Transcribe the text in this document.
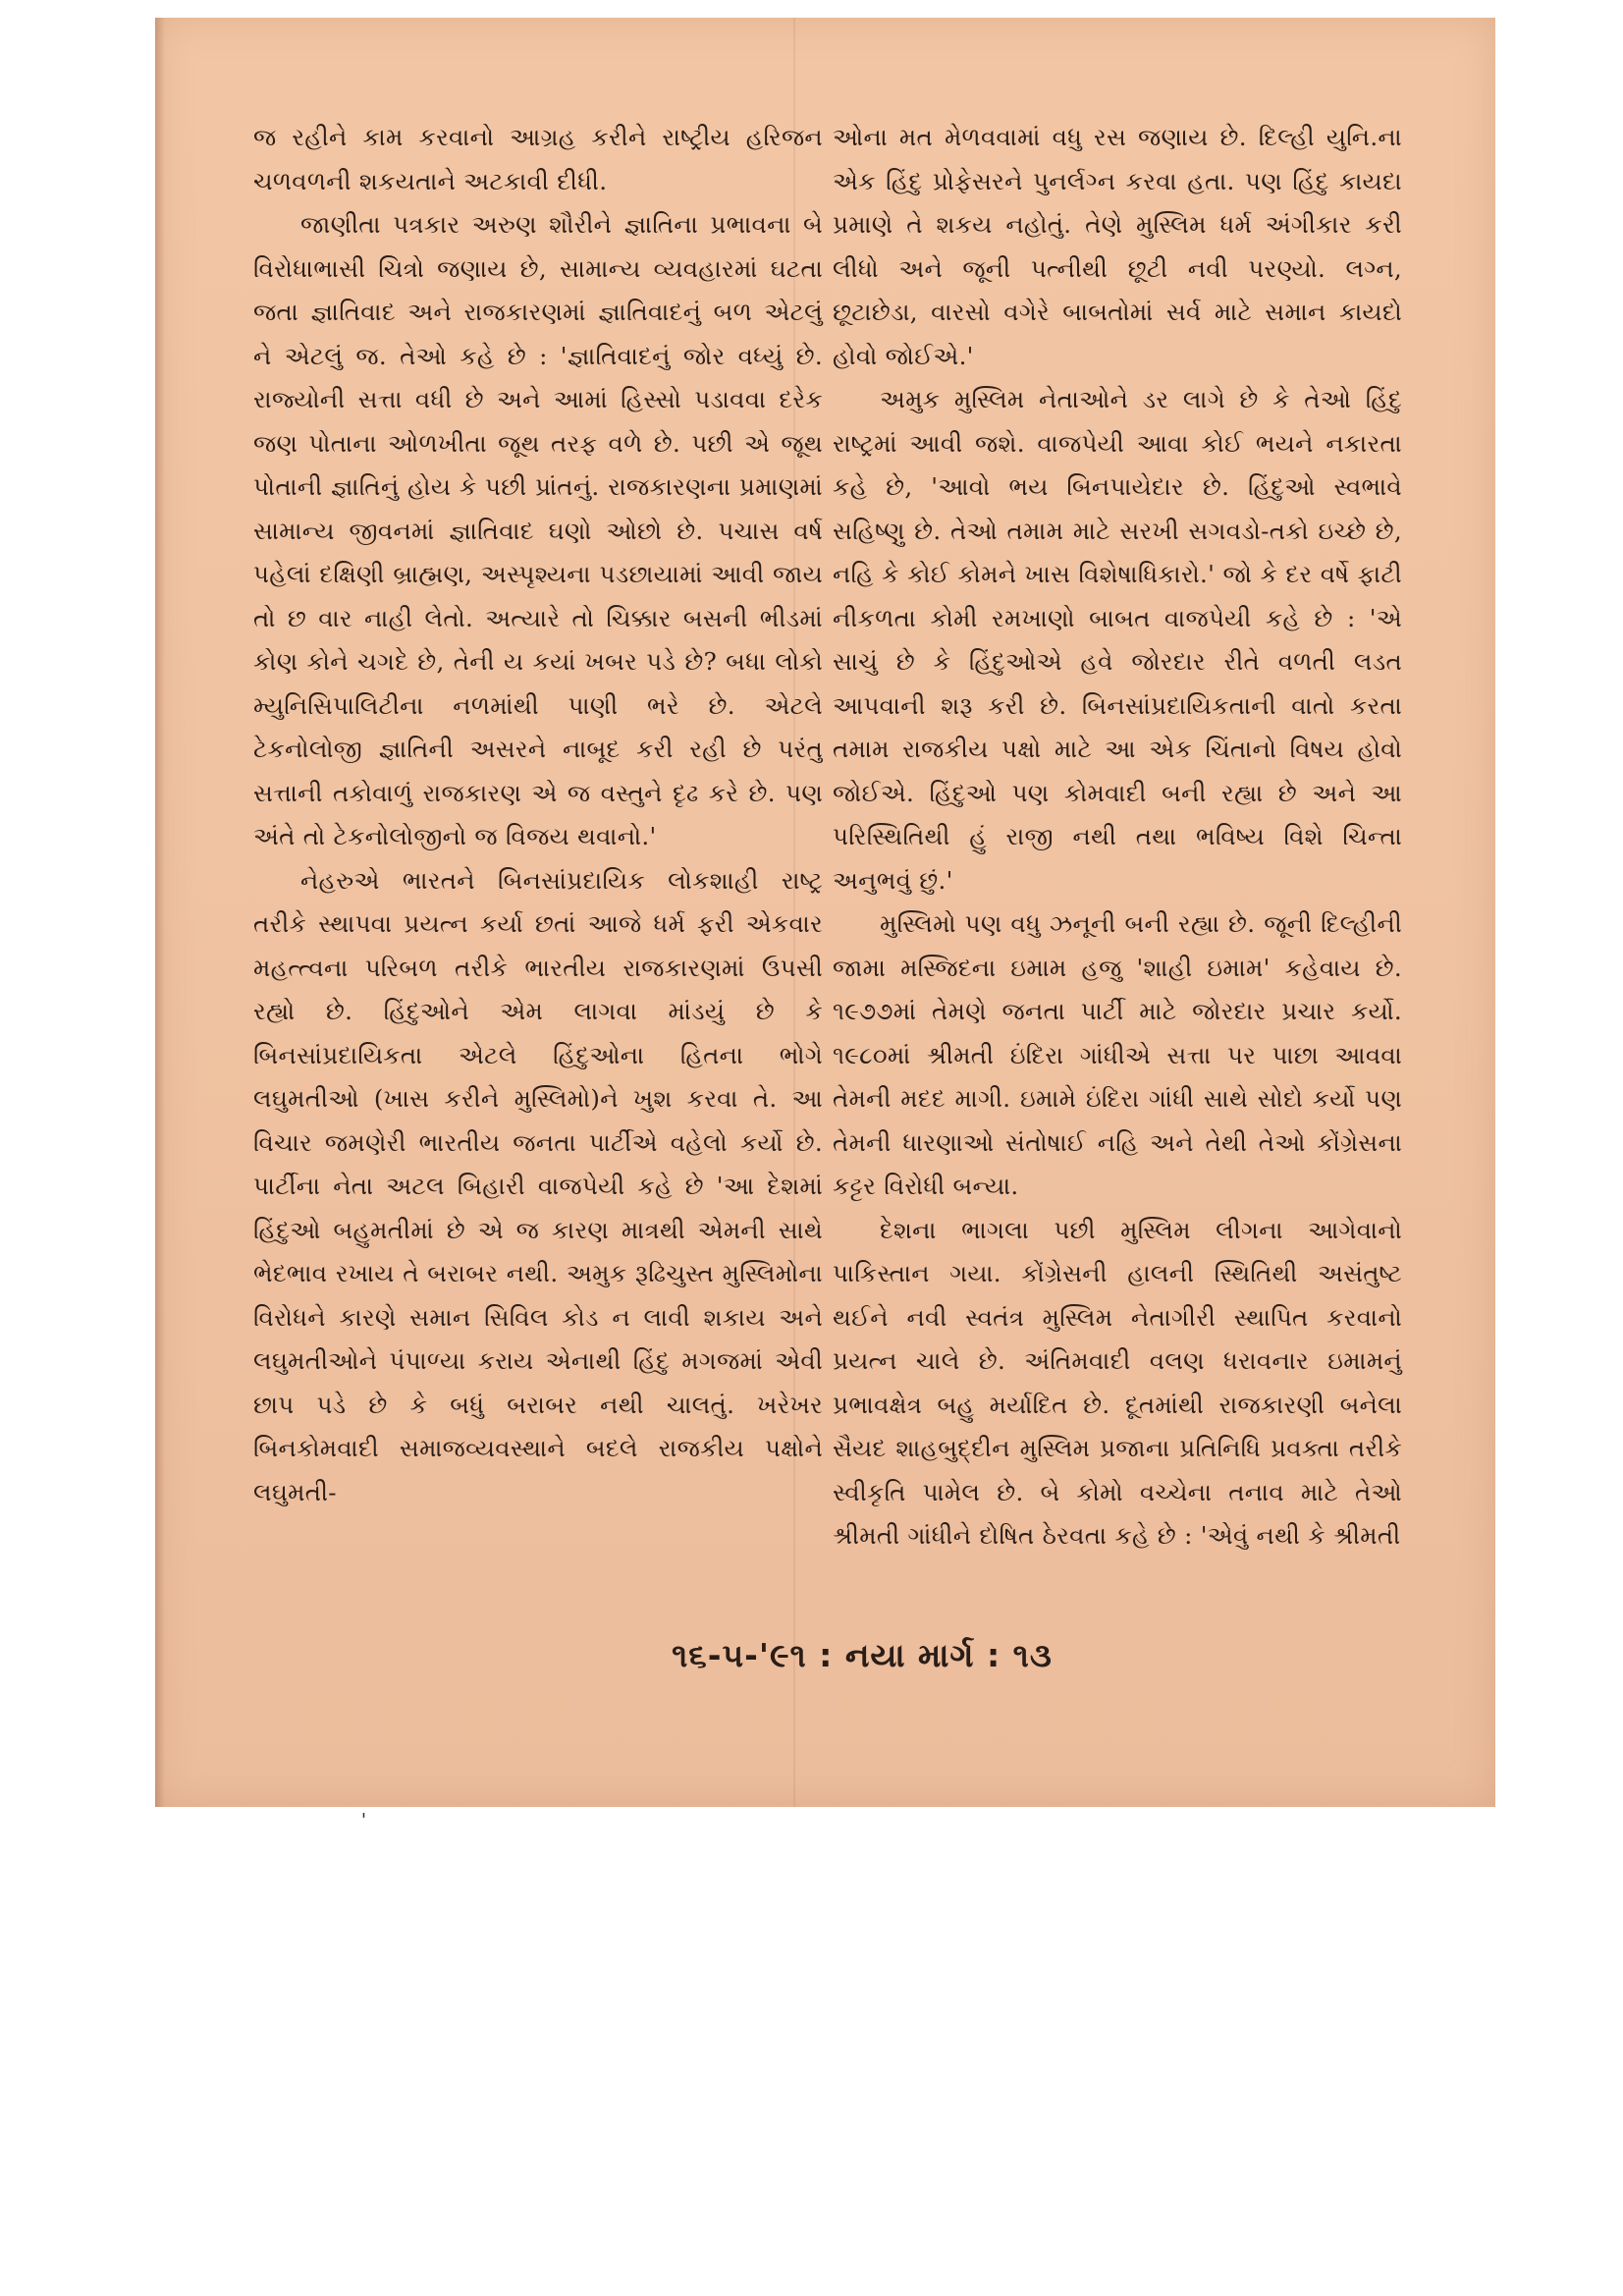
જ રહીને કામ કરવાનો આગ્રહ કરીને રાષ્ટ્રીય હરિજન ચળવળની શકયતાને અટકાવી દીધી.

જાણીતા પત્રકાર અરુણ શૌરીને જ્ઞાતિના પ્રભાવના બે વિરોધાભાસી ચિત્રો જણાય છે, સામાન્ય વ્યવહારમાં ઘટતા જતા જ્ઞાતિવાદ અને રાજકારણમાં જ્ઞાતિવાદનું બળ એટલું ને એટલું જ. તેઓ કહે છે : 'જ્ઞાતિવાદનું જોર વધ્યું છે. રાજ્યોની સત્તા વધી છે અને આમાં હિસ્સો પડાવવા દરેક જણ પોતાના ઓળખીતા જૂથ તરફ વળે છે. પછી એ જૂથ પોતાની જ્ઞાતિનું હોય કે પછી પ્રાંતનું. રાજકારણના પ્રમાણમાં સામાન્ય જીવનમાં જ્ઞાતિવાદ ઘણો ઓછો છે. પચાસ વર્ષ પહેલાં દક્ષિણી બ્રાહ્મણ, અસ્પૃશ્યના પડછાયામાં આવી જાય તો છ વાર નાહી લેતો. અત્યારે તો ચિક્કાર બસની ભીડમાં કોણ કોને ચગદે છે, તેની ય કયાં ખબર પડે છે? બધા લોકો મ્યુનિસિપાલિટીના નળમાંથી પાણી ભરે છે. એટલે ટેકનોલોજી જ્ઞાતિની અસરને નાબૂદ કરી રહી છે પરંતુ સત્તાની તકોવાળું રાજકારણ એ જ વસ્તુને દૃઢ કરે છે. પણ અંતે તો ટેકનોલોજીનો જ વિજય થવાનો.'

નેહરુએ ભારતને બિનસાંપ્રદાયિક લોકશાહી રાષ્ટ્ર તરીકે સ્થાપવા પ્રયત્ન કર્યા છતાં આજે ધર્મ ફરી એકવાર મહત્ત્વના પરિબળ તરીકે ભારતીય રાજકારણમાં ઉપસી રહ્યો છે. હિંદુઓને એમ લાગવા માંડયું છે કે બિનસાંપ્રદાયિકતા એટલે હિંદુઓના હિતના ભોગે લઘુમતીઓ (ખાસ કરીને મુસ્લિમો)ને ખુશ કરવા તે. આ વિચાર જમણેરી ભારતીય જનતા પાર્ટીએ વહેલો કર્યો છે. પાર્ટીના નેતા અટલ બિહારી વાજપેયી કહે છે 'આ દેશમાં હિંદુઓ બહુમતીમાં છે એ જ કારણ માત્રથી એમની સાથે ભેદભાવ રખાય તે બરાબર નથી. અમુક રૂઢિચુસ્ત મુસ્લિમોના વિરોધને કારણે સમાન સિવિલ કોડ ન લાવી શકાય અને લઘુમતીઓને પંપાળ્યા કરાય એનાથી હિંદુ મગજમાં એવી છાપ પડે છે કે બધું બરાબર નથી ચાલતું. ખરેખર બિનકોમવાદી સમાજવ્યવસ્થાને બદલે રાજકીય પક્ષોને લઘુમતી-

ઓના મત મેળવવામાં વધુ રસ જણાય છે. દિલ્હી યુનિ.ના એક હિંદુ પ્રોફેસરને પુનર્લગ્ન કરવા હતા. પણ હિંદુ કાયદા પ્રમાણે તે શકય નહોતું. તેણે મુસ્લિમ ધર્મ અંગીકાર કરી લીધો અને જૂની પત્નીથી છૂટી નવી પરણ્યો. લગ્ન, છૂટાછેડા, વારસો વગેરે બાબતોમાં સર્વ માટે સમાન કાયદો હોવો જોઈએ.'

અમુક મુસ્લિમ નેતાઓને ડર લાગે છે કે તેઓ હિંદુ રાષ્ટ્રમાં આવી જશે. વાજપેયી આવા કોઈ ભયને નકારતા કહે છે, 'આવો ભય બિનપાયેદાર છે. હિંદુઓ સ્વભાવે સહિષ્ણુ છે. તેઓ તમામ માટે સરખી સગવડો-તકો ઇચ્છે છે, નહિ કે કોઈ કોમને ખાસ વિશેષાધિકારો.' જો કે દર વર્ષે ફાટી નીકળતા કોમી રમખાણો બાબત વાજપેયી કહે છે : 'એ સાચું છે કે હિંદુઓએ હવે જોરદાર રીતે વળતી લડત આપવાની શરૂ કરી છે. બિનસાંપ્રદાયિકતાની વાતો કરતા તમામ રાજકીય પક્ષો માટે આ એક ચિંતાનો વિષય હોવો જોઈએ. હિંદુઓ પણ કોમવાદી બની રહ્યા છે અને આ પરિસ્થિતિથી હું રાજી નથી તથા ભવિષ્ય વિશે ચિન્તા અનુભવું છું.'

મુસ્લિમો પણ વધુ ઝનૂની બની રહ્યા છે. જૂની દિલ્હીની જામા મસ્જિદના ઇમામ હજુ 'શાહી ઇમામ' કહેવાય છે. ૧૯૭૭માં તેમણે જનતા પાર્ટી માટે જોરદાર પ્રચાર કર્યો. ૧૯૮૦માં શ્રીમતી ઇંદિરા ગાંધીએ સત્તા પર પાછા આવવા તેમની મદદ માગી. ઇમામે ઇંદિરા ગાંધી સાથે સોદો કર્યો પણ તેમની ધારણાઓ સંતોષાઈ નહિ અને તેથી તેઓ કોંગ્રેસના કટ્ટર વિરોધી બન્યા.

દેશના ભાગલા પછી મુસ્લિમ લીગના આગેવાનો પાકિસ્તાન ગયા. કોંગ્રેસની હાલની સ્થિતિથી અસંતુષ્ટ થઈને નવી સ્વતંત્ર મુસ્લિમ નેતાગીરી સ્થાપિત કરવાનો પ્રયત્ન ચાલે છે. અંતિમવાદી વલણ ધરાવનાર ઇમામનું પ્રભાવક્ષેત્ર બહુ મર્યાદિત છે. દૂતમાંથી રાજકારણી બનેલા સૈયદ શાહબુદ્દીન મુસ્લિમ પ્રજાના પ્રતિનિધિ પ્રવક્તા તરીકે સ્વીકૃતિ પામેલ છે. બે કોમો વચ્ચેના તનાવ માટે તેઓ શ્રીમતી ગાંધીને દોષિત ઠેરવતા કહે છે : 'એવું નથી કે શ્રીમતી

૧૬-૫-'૯૧ : નયા માર્ગ : ૧૩
'
